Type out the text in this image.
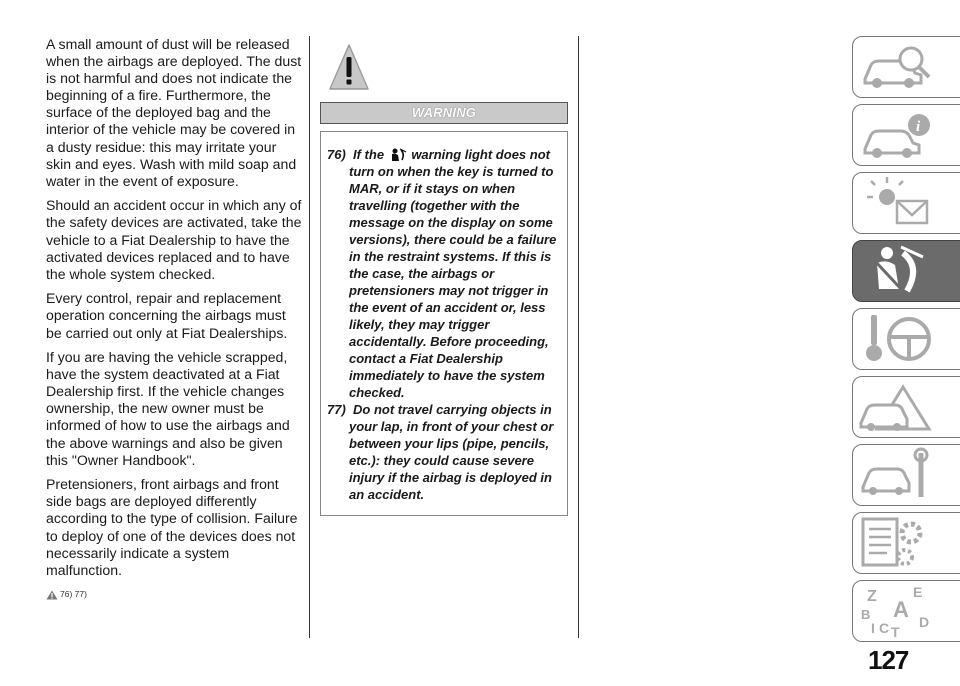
A small amount of dust will be released when the airbags are deployed. The dust is not harmful and does not indicate the beginning of a fire. Furthermore, the surface of the deployed bag and the interior of the vehicle may be covered in a dusty residue: this may irritate your skin and eyes. Wash with mild soap and water in the event of exposure.

Should an accident occur in which any of the safety devices are activated, take the vehicle to a Fiat Dealership to have the activated devices replaced and to have the whole system checked.

Every control, repair and replacement operation concerning the airbags must be carried out only at Fiat Dealerships.

If you are having the vehicle scrapped, have the system deactivated at a Fiat Dealership first. If the vehicle changes ownership, the new owner must be informed of how to use the airbags and the above warnings and also be given this "Owner Handbook".

Pretensioners, front airbags and front side bags are deployed differently according to the type of collision. Failure to deploy of one of the devices does not necessarily indicate a system malfunction.

76) 77)
WARNING
76) If the warning light does not turn on when the key is turned to MAR, or if it stays on when travelling (together with the message on the display on some versions), there could be a failure in the restraint systems. If this is the case, the airbags or pretensioners may not trigger in the event of an accident or, less likely, they may trigger accidentally. Before proceeding, contact a Fiat Dealership immediately to have the system checked.
77) Do not travel carrying objects in your lap, in front of your chest or between your lips (pipe, pencils, etc.): they could cause severe injury if the airbag is deployed in an accident.
i
Z	E
B A
I C T
D
127
